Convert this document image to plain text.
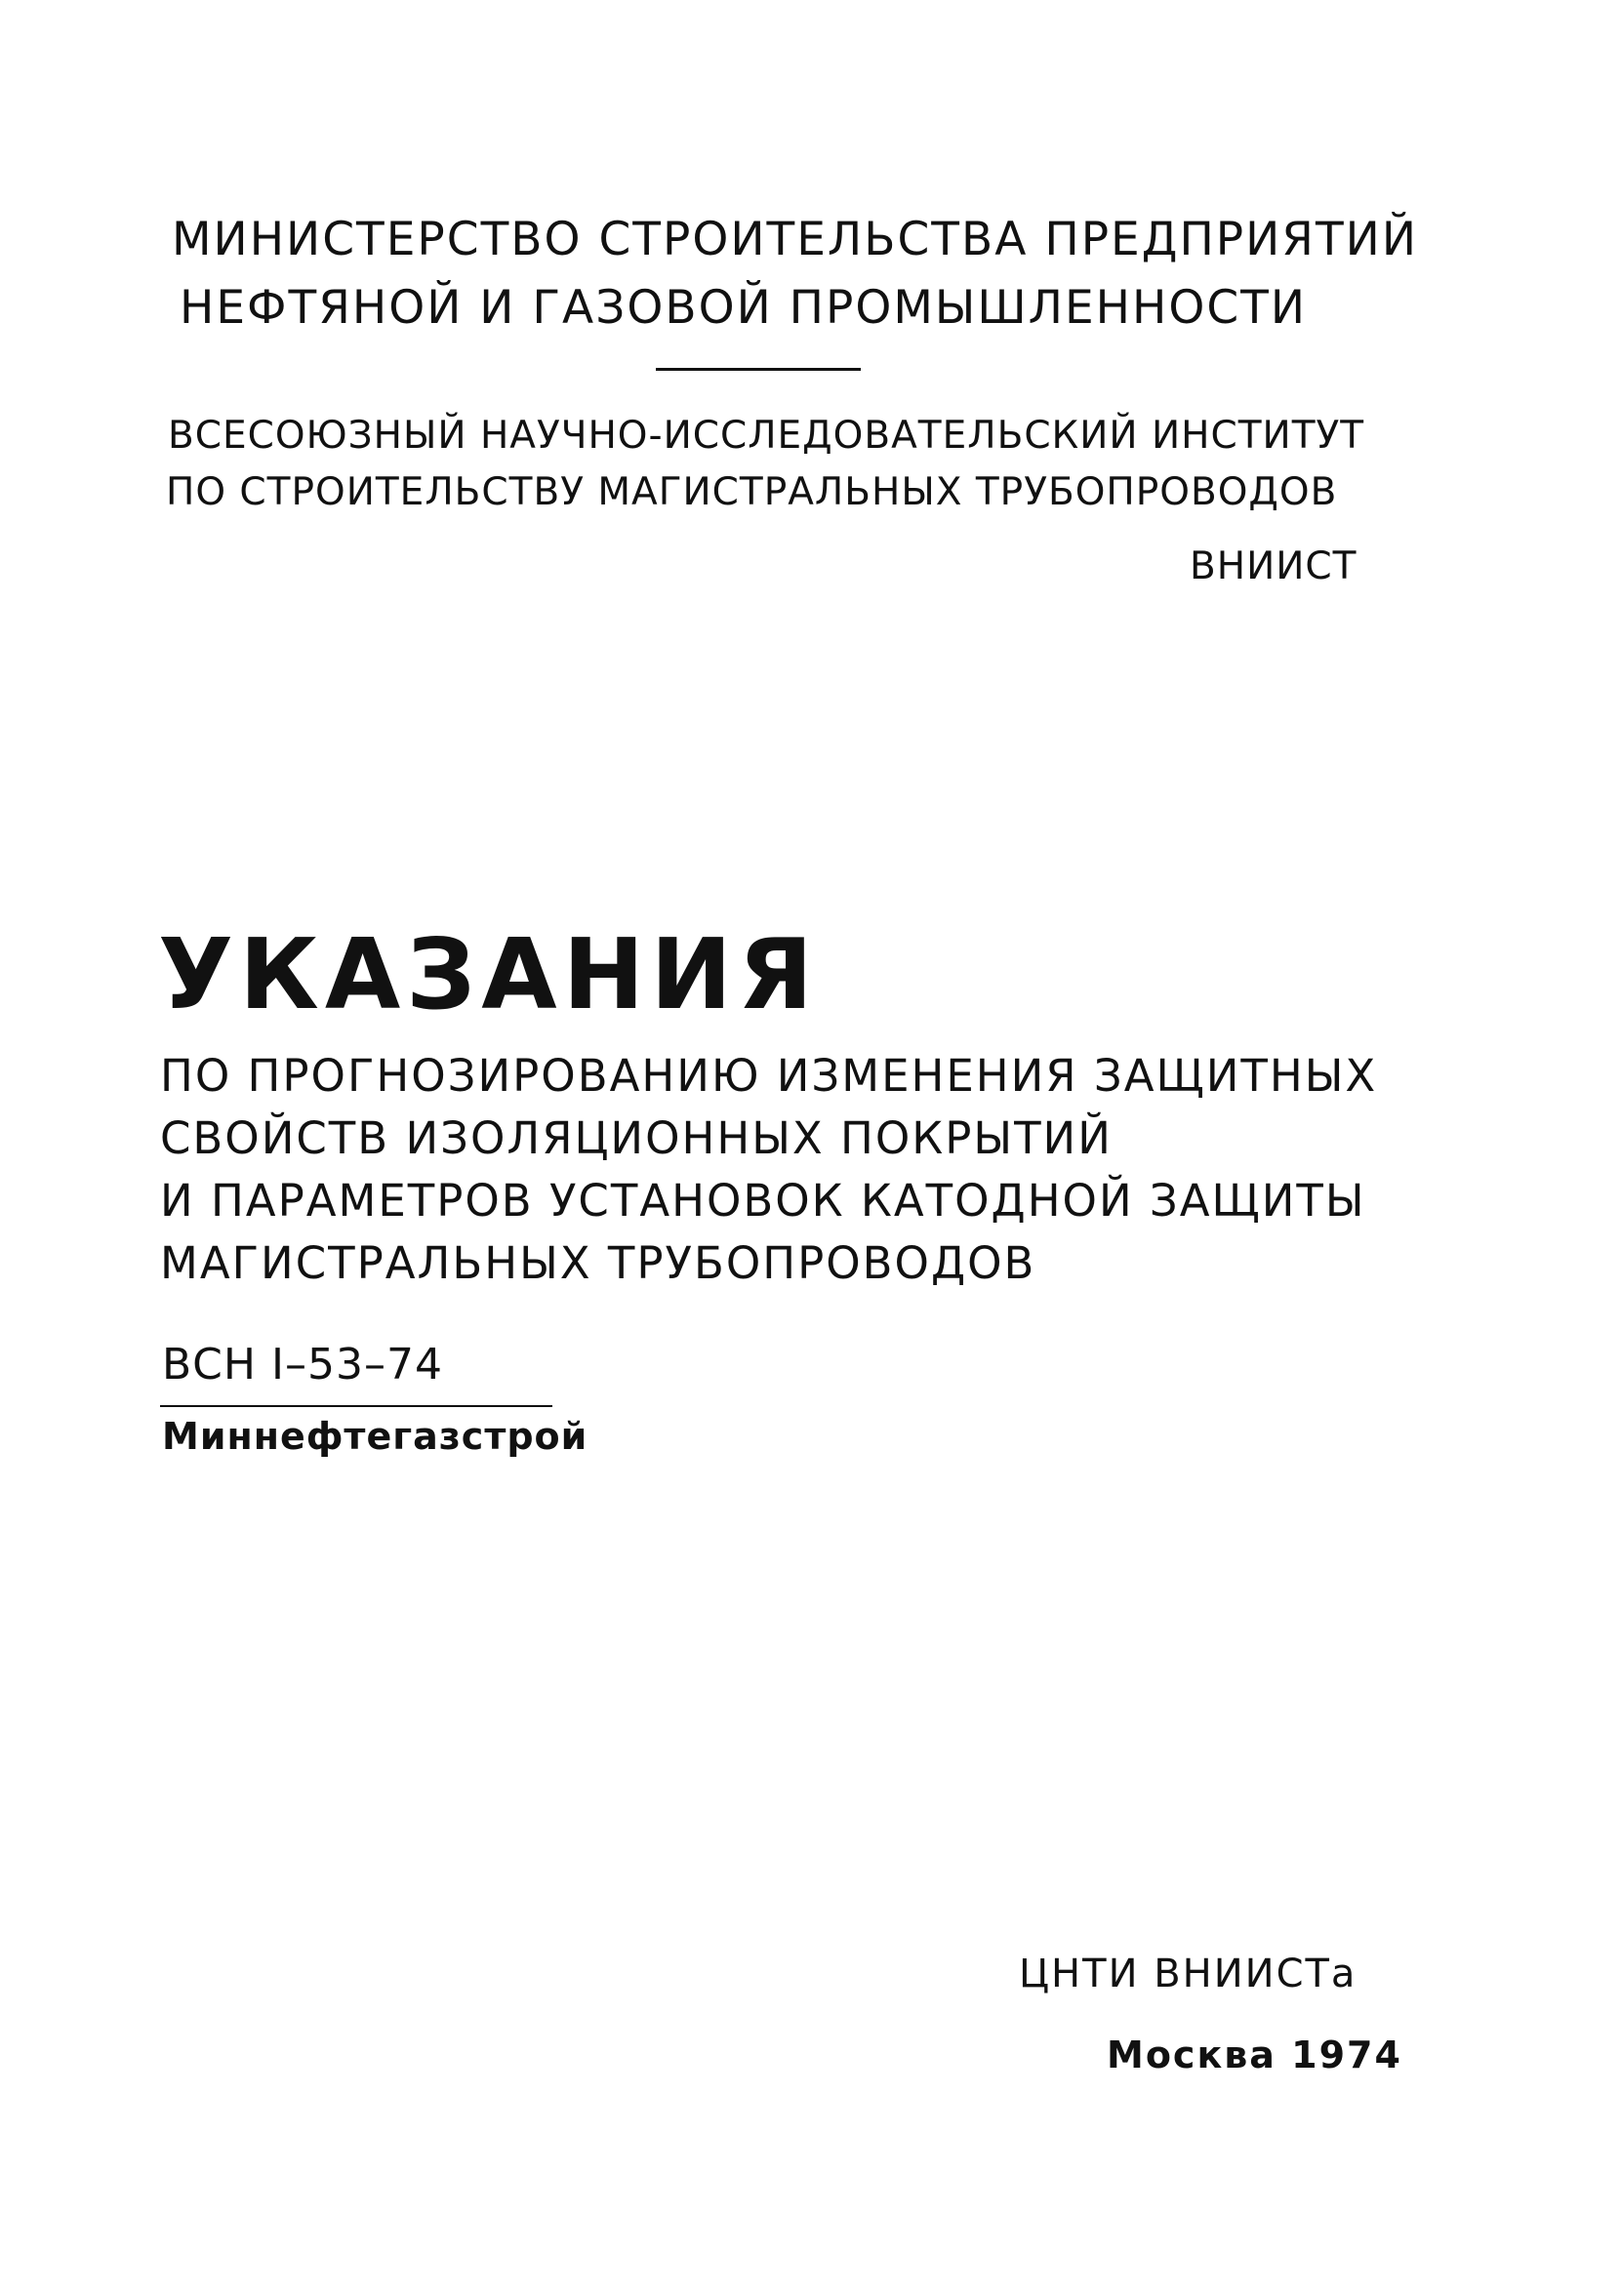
МИНИСТЕРСТВО СТРОИТЕЛЬСТВА ПРЕДПРИЯТИЙ
НЕФТЯНОЙ И ГАЗОВОЙ ПРОМЫШЛЕННОСТИ
ВСЕСОЮЗНЫЙ НАУЧНО-ИССЛЕДОВАТЕЛЬСКИЙ ИНСТИТУТ
ПО СТРОИТЕЛЬСТВУ МАГИСТРАЛЬНЫХ ТРУБОПРОВОДОВ
ВНИИСТ
УКАЗАНИЯ
ПО ПРОГНОЗИРОВАНИЮ ИЗМЕНЕНИЯ ЗАЩИТНЫХ
СВОЙСТВ ИЗОЛЯЦИОННЫХ ПОКРЫТИЙ
И ПАРАМЕТРОВ УСТАНОВОК КАТОДНОЙ ЗАЩИТЫ
МАГИСТРАЛЬНЫХ ТРУБОПРОВОДОВ
ВСН I–53–74
Миннефтегазстрой
ЦНТИ ВНИИСТа
Москва 1974
